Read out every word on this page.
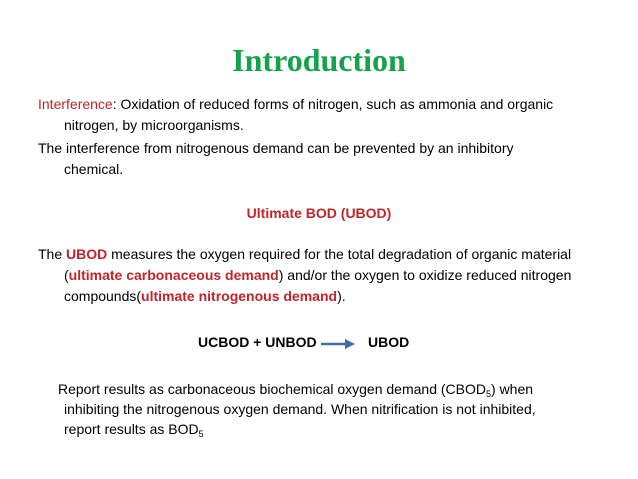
Introduction
Interference: Oxidation of reduced forms of nitrogen, such as ammonia and organic
nitrogen, by microorganisms.
The interference from nitrogenous demand can be prevented by an inhibitory
chemical.
Ultimate BOD (UBOD)
The UBOD measures the oxygen required for the total degradation of organic material
(ultimate carbonaceous demand) and/or the oxygen to oxidize reduced nitrogen
compounds(ultimate nitrogenous demand).
UCBOD + UNBOD	UBOD
Report results as carbonaceous biochemical oxygen demand $(CBOD_5)$ when
inhibiting the nitrogenous oxygen demand. When nitrification is not inhibited,
report results as $BOD_5$
